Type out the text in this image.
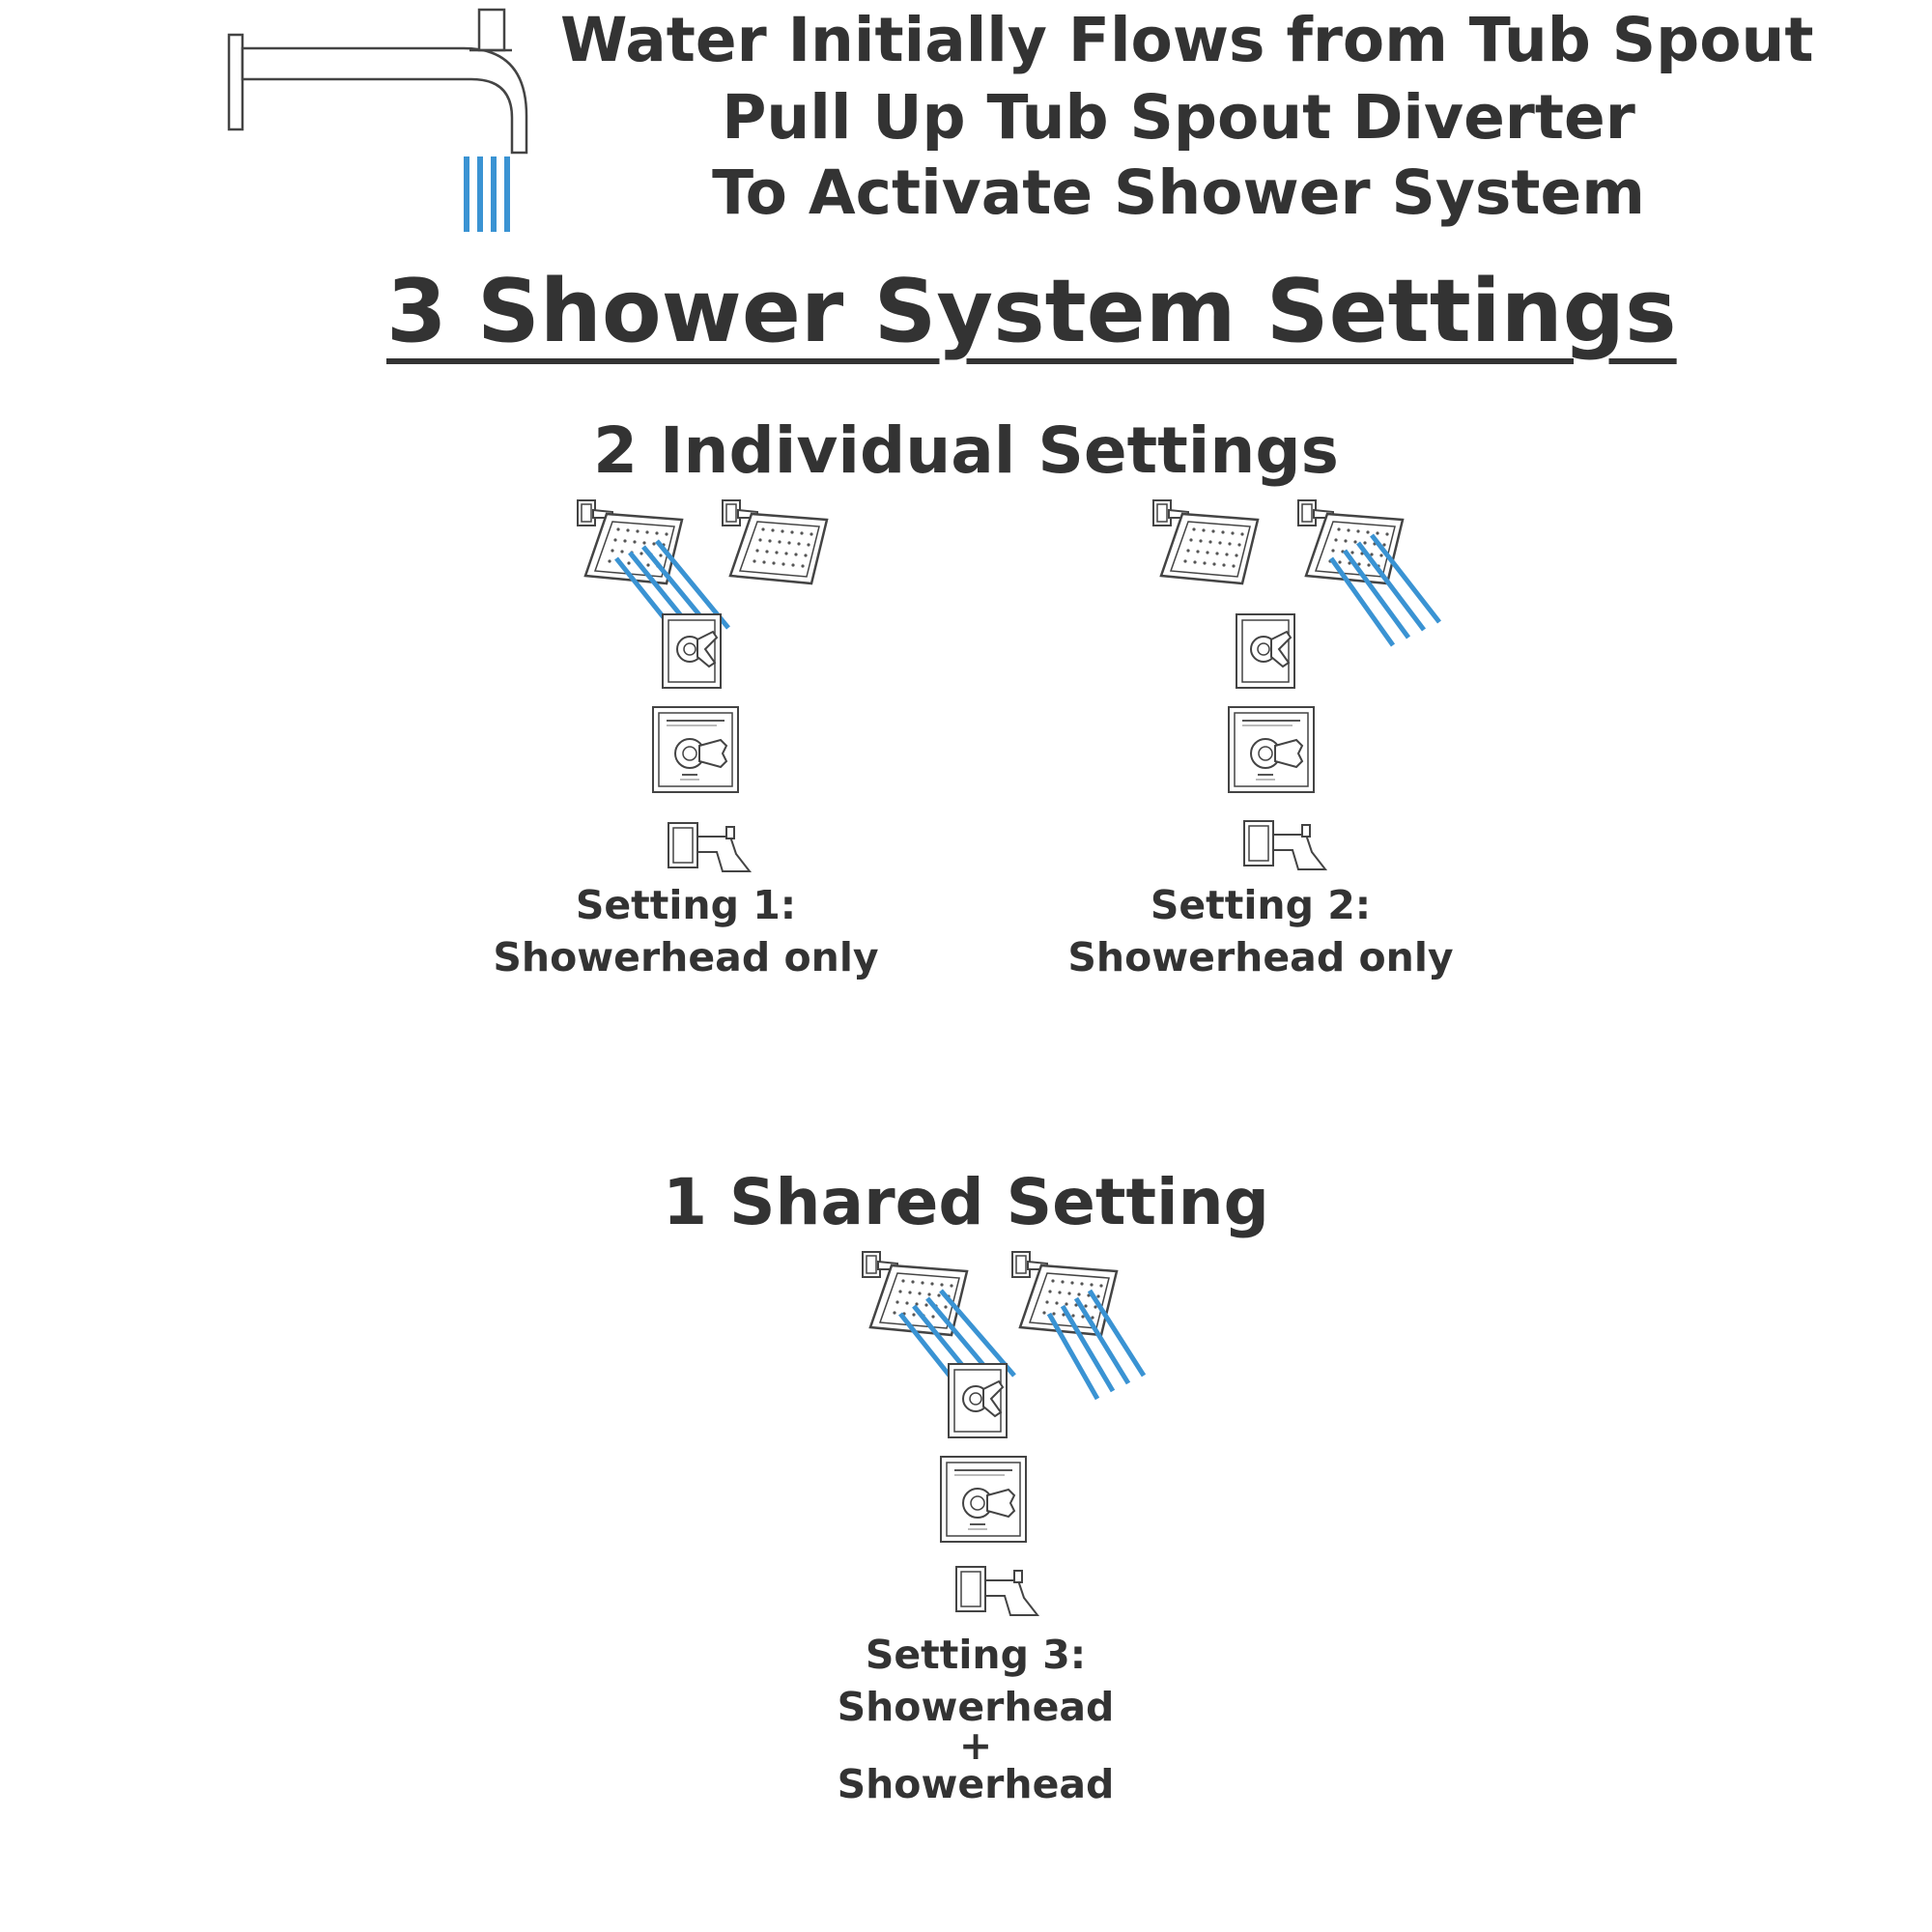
Water Initially Flows from Tub Spout
Pull Up Tub Spout Diverter
To Activate Shower System
3 Shower System Settings
2 Individual Settings
1 Shared Setting
Setting 1:
Showerhead only
Setting 2:
Showerhead only
Setting 3:
Showerhead
+
Showerhead
